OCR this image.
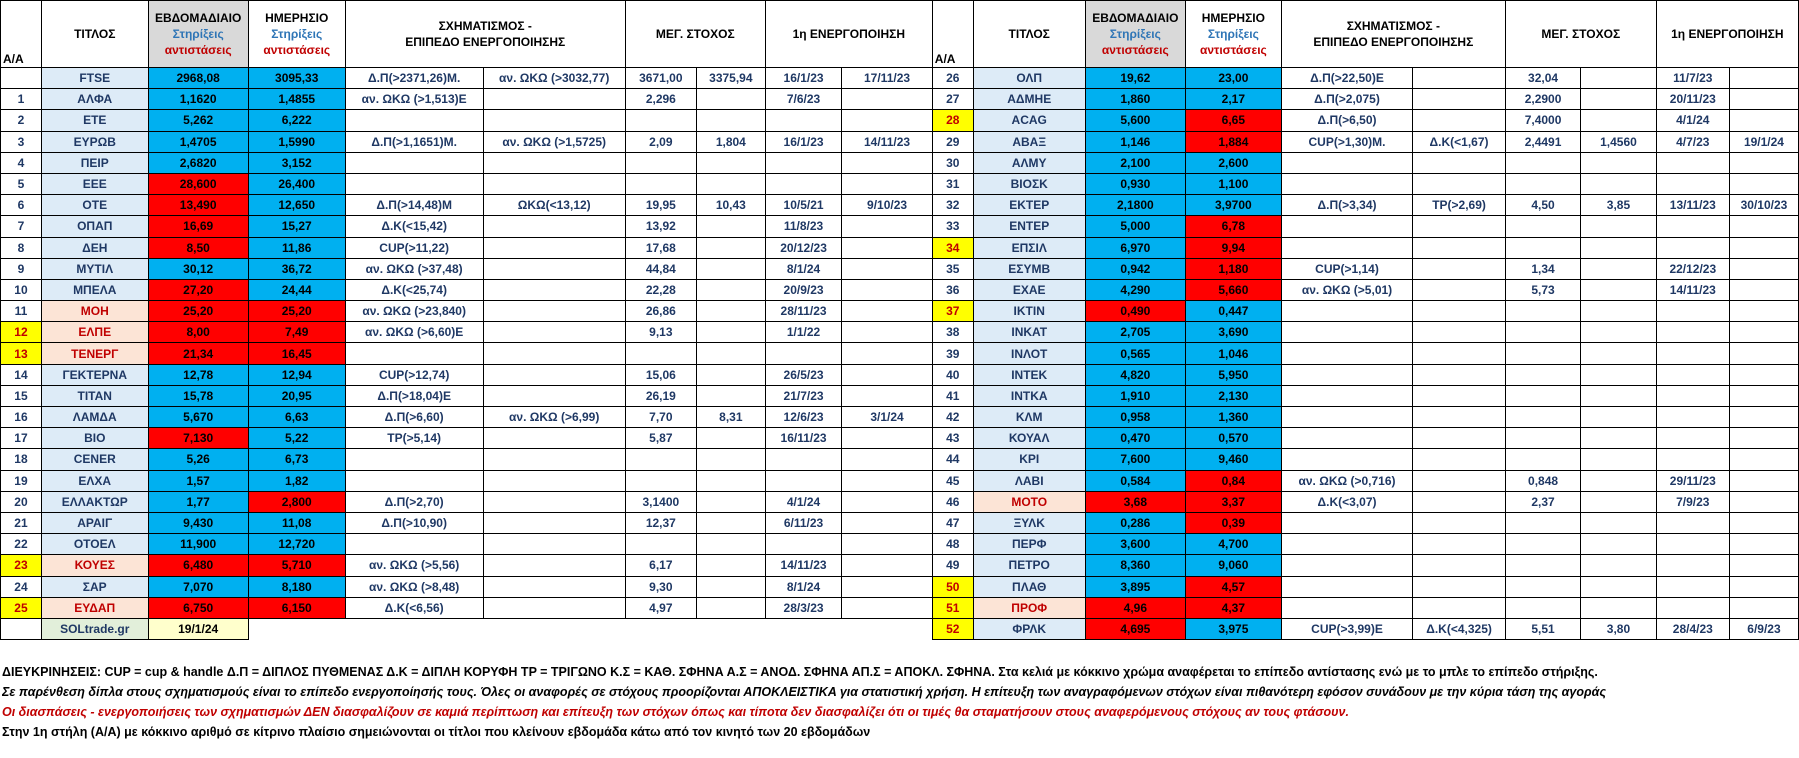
Α/Α	ΤΙΤΛΟΣ	ΕΒΔΟΜΑΔΙΑΙΟ
Στηρίξεις
αντιστάσεις	ΗΜΕΡΗΣΙΟ
Στηρίξεις
αντιστάσεις	ΣΧΗΜΑΤΙΣΜΟΣ -
ΕΠΙΠΕΔΟ ΕΝΕΡΓΟΠΟΙΗΣΗΣ		ΜΕΓ. ΣΤΟΧΟΣ		1η ΕΝΕΡΓΟΠΟΙΗΣΗ		Α/Α	ΤΙΤΛΟΣ	ΕΒΔΟΜΑΔΙΑΙΟ
Στηρίξεις
αντιστάσεις	ΗΜΕΡΗΣΙΟ
Στηρίξεις
αντιστάσεις	ΣΧΗΜΑΤΙΣΜΟΣ -
ΕΠΙΠΕΔΟ ΕΝΕΡΓΟΠΟΙΗΣΗΣ		ΜΕΓ. ΣΤΟΧΟΣ		1η ΕΝΕΡΓΟΠΟΙΗΣΗ	
	FTSE	2968,08	3095,33	Δ.Π(>2371,26)Μ.	αν. ΩΚΩ (>3032,77)	3671,00	3375,94	16/1/23	17/11/23	26	ΟΛΠ	19,62	23,00	Δ.Π(>22,50)Ε		32,04		11/7/23	
1	ΑΛΦΑ	1,1620	1,4855	αν. ΩΚΩ (>1,513)Ε		2,296		7/6/23		27	ΑΔΜΗΕ	1,860	2,17	Δ.Π(>2,075)		2,2900		20/11/23	
2	ΕΤΕ	5,262	6,222							28	ACAG	5,600	6,65	Δ.Π(>6,50)		7,4000		4/1/24	
3	ΕΥΡΩΒ	1,4705	1,5990	Δ.Π(>1,1651)Μ.	αν. ΩΚΩ (>1,5725)	2,09	1,804	16/1/23	14/11/23	29	ΑΒΑΞ	1,146	1,884	CUP(>1,30)Μ.	Δ.Κ(<1,67)	2,4491	1,4560	4/7/23	19/1/24
4	ΠΕΙΡ	2,6820	3,152							30	ΑΛΜΥ	2,100	2,600						
5	ΕΕΕ	28,600	26,400							31	ΒΙΟΣΚ	0,930	1,100						
6	ΟΤΕ	13,490	12,650	Δ.Π(>14,48)Μ	ΩΚΩ(<13,12)	19,95	10,43	10/5/21	9/10/23	32	ΕΚΤΕΡ	2,1800	3,9700	Δ.Π(>3,34)	TP(>2,69)	4,50	3,85	13/11/23	30/10/23
7	ΟΠΑΠ	16,69	15,27	Δ.Κ(<15,42)		13,92		11/8/23		33	ΕΝΤΕΡ	5,000	6,78						
8	ΔΕΗ	8,50	11,86	CUP(>11,22)		17,68		20/12/23		34	ΕΠΣΙΛ	6,970	9,94						
9	ΜΥΤΙΛ	30,12	36,72	αν. ΩΚΩ (>37,48)		44,84		8/1/24		35	ΕΣΥΜΒ	0,942	1,180	CUP(>1,14)		1,34		22/12/23	
10	ΜΠΕΛΑ	27,20	24,44	Δ.Κ(<25,74)		22,28		20/9/23		36	ΕΧΑΕ	4,290	5,660	αν. ΩΚΩ (>5,01)		5,73		14/11/23	
11	ΜΟΗ	25,20	25,20	αν. ΩΚΩ (>23,840)		26,86		28/11/23		37	ΙΚΤΙΝ	0,490	0,447						
12	ΕΛΠΕ	8,00	7,49	αν. ΩΚΩ (>6,60)Ε		9,13		1/1/22		38	ΙΝΚΑΤ	2,705	3,690						
13	ΤΕΝΕΡΓ	21,34	16,45							39	ΙΝΛΟΤ	0,565	1,046						
14	ΓΕΚΤΕΡΝΑ	12,78	12,94	CUP(>12,74)		15,06		26/5/23		40	ΙΝΤΕΚ	4,820	5,950						
15	ΤΙΤΑΝ	15,78	20,95	Δ.Π(>18,04)Ε		26,19		21/7/23		41	ΙΝΤΚΑ	1,910	2,130						
16	ΛΑΜΔΑ	5,670	6,63	Δ.Π(>6,60)	αν. ΩΚΩ (>6,99)	7,70	8,31	12/6/23	3/1/24	42	ΚΛΜ	0,958	1,360						
17	ΒΙΟ	7,130	5,22	TP(>5,14)		5,87		16/11/23		43	ΚΟΥΑΛ	0,470	0,570						
18	CENER	5,26	6,73							44	ΚΡΙ	7,600	9,460						
19	ΕΛΧΑ	1,57	1,82							45	ΛΑΒΙ	0,584	0,84	αν. ΩΚΩ (>0,716)		0,848		29/11/23	
20	ΕΛΛΑΚΤΩΡ	1,77	2,800	Δ.Π(>2,70)		3,1400		4/1/24		46	ΜΟΤΟ	3,68	3,37	Δ.Κ(<3,07)		2,37		7/9/23	
21	ΑΡΑΙΓ	9,430	11,08	Δ.Π(>10,90)		12,37		6/11/23		47	ΞΥΛΚ	0,286	0,39						
22	ΟΤΟΕΛ	11,900	12,720							48	ΠΕΡΦ	3,600	4,700						
23	ΚΟΥΕΣ	6,480	5,710	αν. ΩΚΩ (>5,56)		6,17		14/11/23		49	ΠΕΤΡΟ	8,360	9,060						
24	ΣΑΡ	7,070	8,180	αν. ΩΚΩ (>8,48)		9,30		8/1/24		50	ΠΛΑΘ	3,895	4,57						
25	ΕΥΔΑΠ	6,750	6,150	Δ.Κ(<6,56)		4,97		28/3/23		51	ΠΡΟΦ	4,96	4,37						
	SOLtrade.gr	19/1/24								52	ΦΡΛΚ	4,695	3,975	CUP(>3,99)Ε	Δ.Κ(<4,325)	5,51	3,80	28/4/23	6/9/23
ΔΙΕΥΚΡΙΝΗΣΕΙΣ: CUP = cup & handle Δ.Π = ΔΙΠΛΟΣ ΠΥΘΜΕΝΑΣ Δ.Κ = ΔΙΠΛΗ ΚΟΡΥΦΗ TP = ΤΡΙΓΩΝΟ Κ.Σ = ΚΑΘ. ΣΦΗΝΑ Α.Σ = ΑΝΟΔ. ΣΦΗΝΑ ΑΠ.Σ = ΑΠΟΚΛ. ΣΦΗΝΑ. Στα κελιά με κόκκινο χρώμα αναφέρεται το επίπεδο αντίστασης ενώ με το μπλε το επίπεδο στήριξης.
Σε παρένθεση δίπλα στους σχηματισμούς είναι το επίπεδο ενεργοποίησής τους. Όλες οι αναφορές σε στόχους προορίζονται ΑΠΟΚΛΕΙΣΤΙΚΑ για στατιστική χρήση. Η επίτευξη των αναγραφόμενων στόχων είναι πιθανότερη εφόσον συνάδουν με την κύρια τάση της αγοράς
Οι διασπάσεις - ενεργοποιήσεις των σχηματισμών ΔΕΝ διασφαλίζουν σε καμιά περίπτωση και επίτευξη των στόχων όπως και τίποτα δεν διασφαλίζει ότι οι τιμές θα σταματήσουν στους αναφερόμενους στόχους αν τους φτάσουν.
Στην 1η στήλη (Α/Α) με κόκκινο αριθμό σε κίτρινο πλαίσιο σημειώνονται οι τίτλοι που κλείνουν εβδομάδα κάτω από τον κινητό των 20 εβδομάδων
